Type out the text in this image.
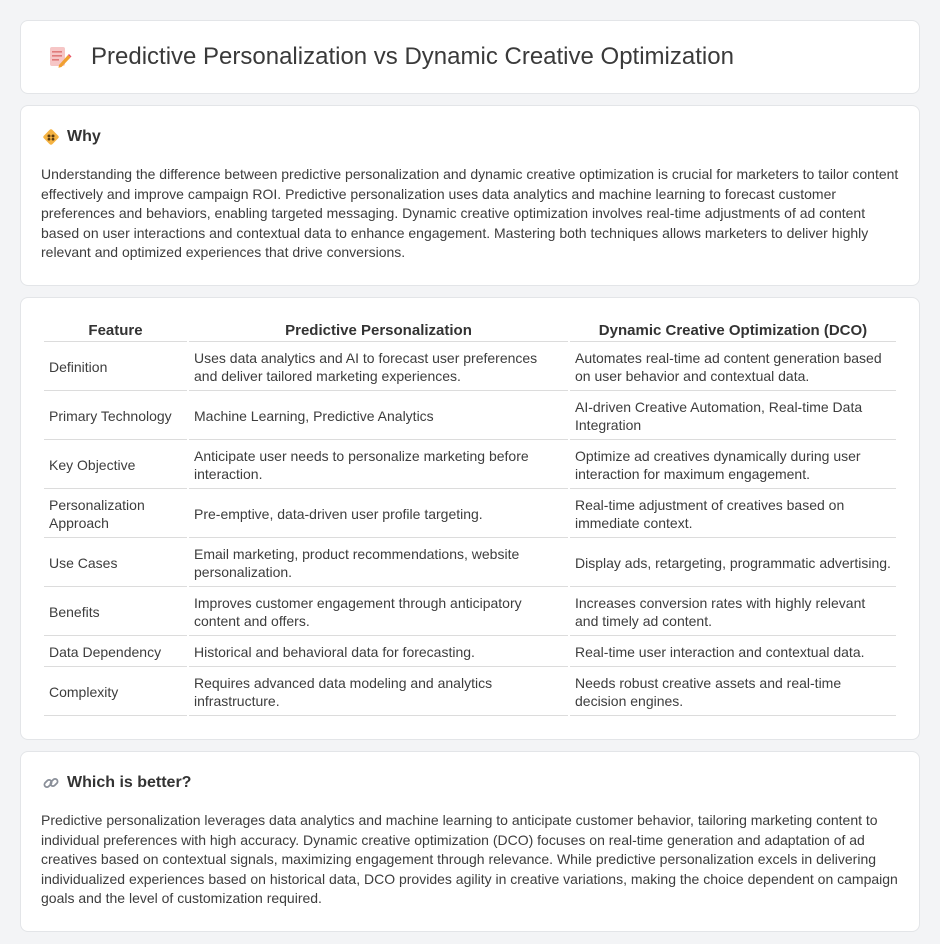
Predictive Personalization vs Dynamic Creative Optimization
Why

Understanding the difference between predictive personalization and dynamic creative optimization is crucial for marketers to tailor content effectively and improve campaign ROI. Predictive personalization uses data analytics and machine learning to forecast customer preferences and behaviors, enabling targeted messaging. Dynamic creative optimization involves real-time adjustments of ad content based on user interactions and contextual data to enhance engagement. Mastering both techniques allows marketers to deliver highly relevant and optimized experiences that drive conversions.

Feature	Predictive Personalization	Dynamic Creative Optimization (DCO)
Definition	Uses data analytics and AI to forecast user preferences and deliver tailored marketing experiences.	Automates real-time ad content generation based on user behavior and contextual data.
Primary Technology	Machine Learning, Predictive Analytics	AI-driven Creative Automation, Real-time Data Integration
Key Objective	Anticipate user needs to personalize marketing before interaction.	Optimize ad creatives dynamically during user interaction for maximum engagement.
Personalization Approach	Pre-emptive, data-driven user profile targeting.	Real-time adjustment of creatives based on immediate context.
Use Cases	Email marketing, product recommendations, website personalization.	Display ads, retargeting, programmatic advertising.
Benefits	Improves customer engagement through anticipatory content and offers.	Increases conversion rates with highly relevant and timely ad content.
Data Dependency	Historical and behavioral data for forecasting.	Real-time user interaction and contextual data.
Complexity	Requires advanced data modeling and analytics infrastructure.	Needs robust creative assets and real-time decision engines.
Which is better?

Predictive personalization leverages data analytics and machine learning to anticipate customer behavior, tailoring marketing content to individual preferences with high accuracy. Dynamic creative optimization (DCO) focuses on real-time generation and adaptation of ad creatives based on contextual signals, maximizing engagement through relevance. While predictive personalization excels in delivering individualized experiences based on historical data, DCO provides agility in creative variations, making the choice dependent on campaign goals and the level of customization required.
